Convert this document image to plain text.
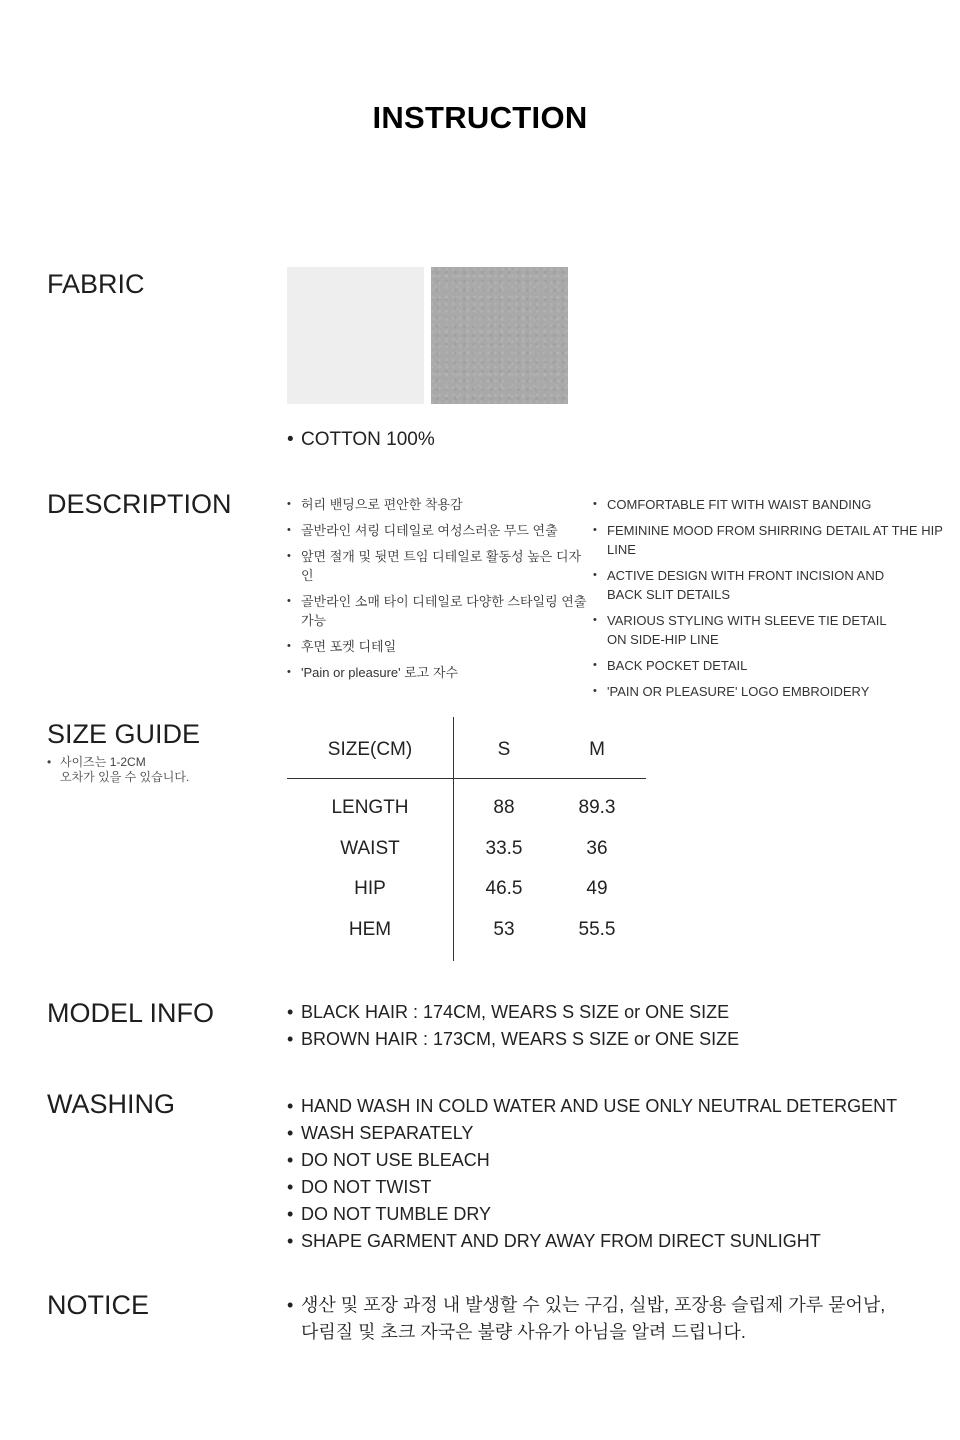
INSTRUCTION
FABRIC
• COTTON 100%
DESCRIPTION	• 허리 밴딩으로 편안한 착용감
• 골반라인 셔링 디테일로 여성스러운 무드 연출
• 앞면 절개 및 뒷면 트임 디테일로 활동성 높은 디자인
• 골반라인 소매 타이 디테일로 다양한 스타일링 연출 가능
• 후면 포켓 디테일
• 'Pain or pleasure' 로고 자수
• COMFORTABLE FIT WITH WAIST BANDING
• FEMININE MOOD FROM SHIRRING DETAIL AT THE HIP LINE
• ACTIVE DESIGN WITH FRONT INCISION AND
BACK SLIT DETAILS
• VARIOUS STYLING WITH SLEEVE TIE DETAIL
ON SIDE-HIP LINE
• BACK POCKET DETAIL
• 'PAIN OR PLEASURE' LOGO EMBROIDERY
SIZE GUIDE
• 사이즈는 1-2CM
오차가 있을 수 있습니다.
SIZE(CM)	S	M
LENGTH	88	89.3
WAIST	33.5	36
HIP	46.5	49
HEM	53	55.5
MODEL INFO	• BLACK HAIR : 174CM, WEARS S SIZE or ONE SIZE
• BROWN HAIR : 173CM, WEARS S SIZE or ONE SIZE
WASHING	• HAND WASH IN COLD WATER AND USE ONLY NEUTRAL DETERGENT
• WASH SEPARATELY
• DO NOT USE BLEACH
• DO NOT TWIST
• DO NOT TUMBLE DRY
• SHAPE GARMENT AND DRY AWAY FROM DIRECT SUNLIGHT
NOTICE	• 생산 및 포장 과정 내 발생할 수 있는 구김, 실밥, 포장용 슬립제 가루 묻어남,
다림질 및 초크 자국은 불량 사유가 아님을 알려 드립니다.
